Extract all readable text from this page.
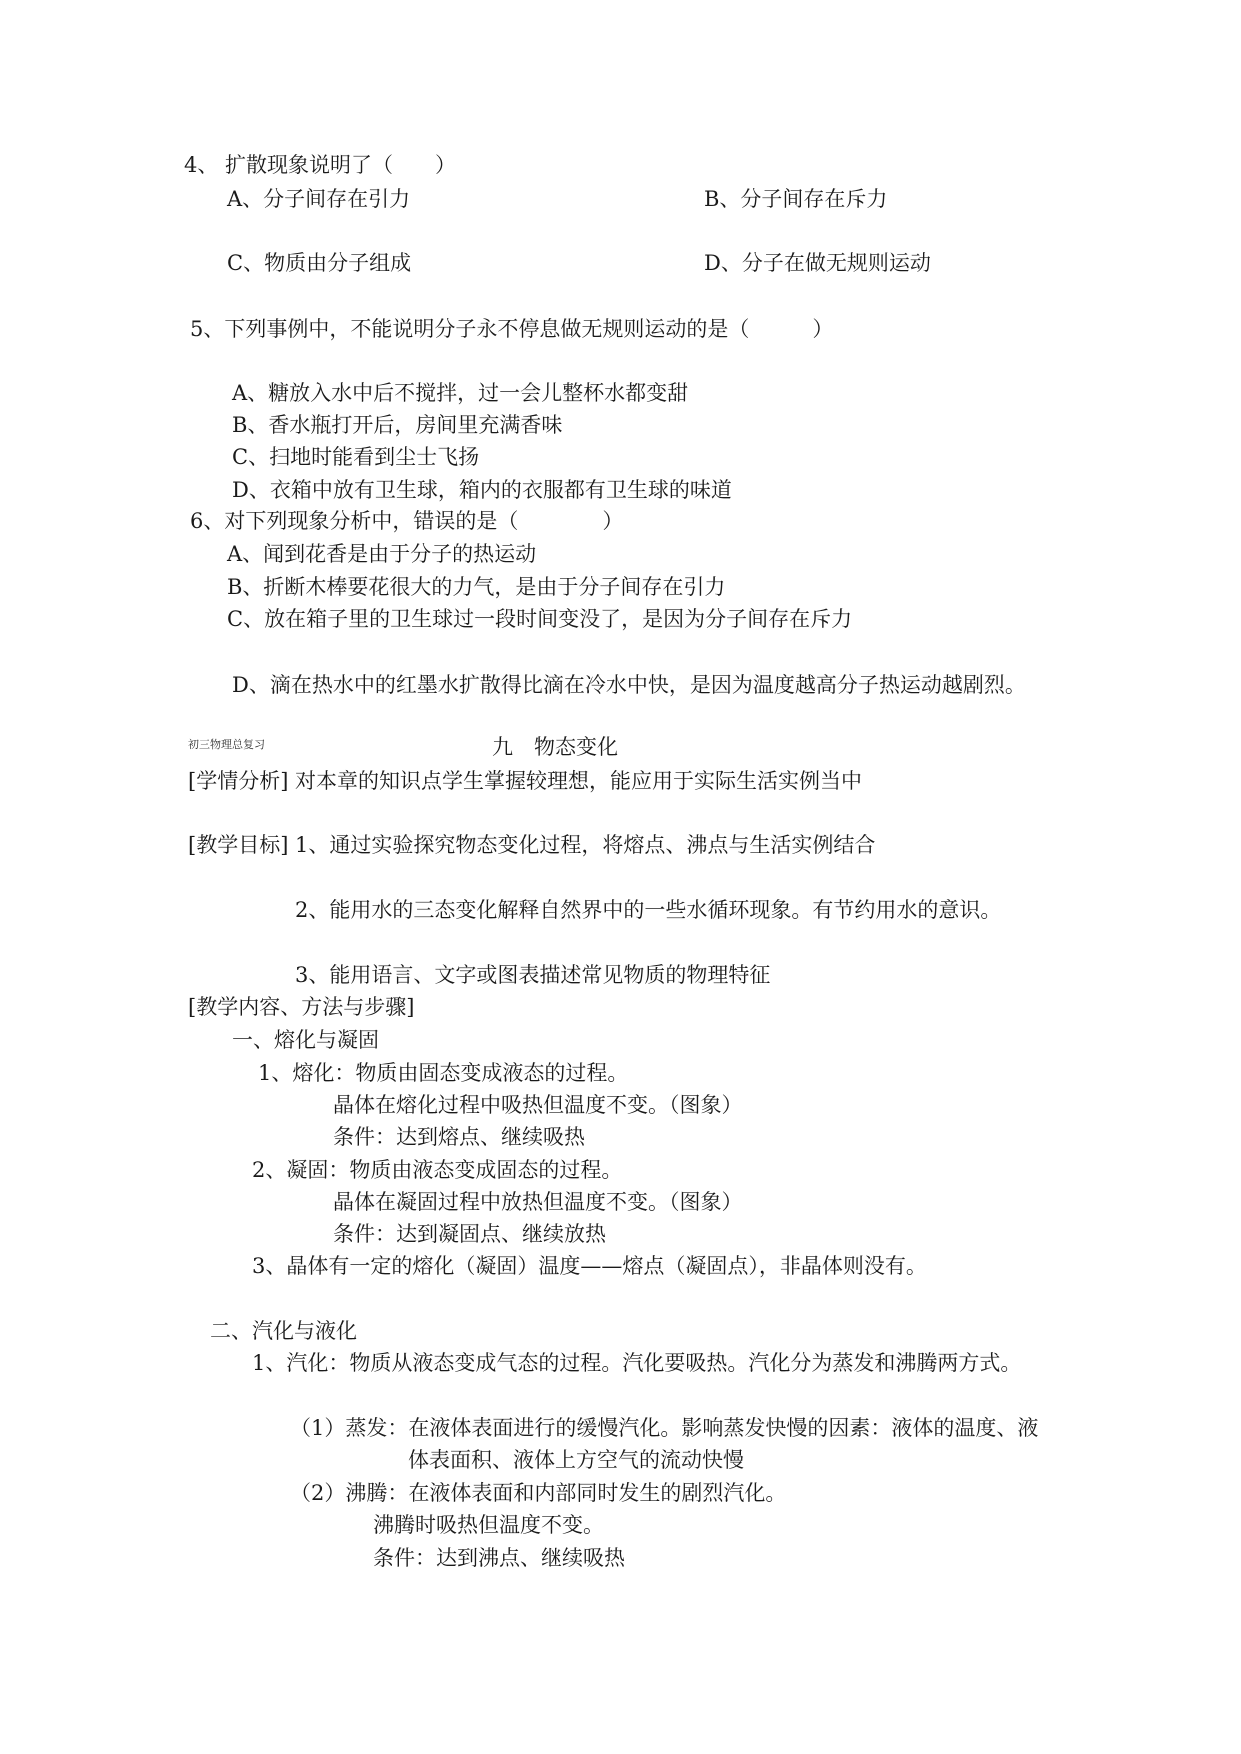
4、 扩散现象说明了（　　）
A、分子间存在引力	B、分子间存在斥力
C、物质由分子组成	D、分子在做无规则运动
5、下列事例中，不能说明分子永不停息做无规则运动的是（　　　）
A、糖放入水中后不搅拌，过一会儿整杯水都变甜
B、香水瓶打开后，房间里充满香味
C、扫地时能看到尘士飞扬
D、衣箱中放有卫生球，箱内的衣服都有卫生球的味道
6、对下列现象分析中，错误的是（　　　　）
A、闻到花香是由于分子的热运动
B、折断木棒要花很大的力气，是由于分子间存在引力
C、放在箱子里的卫生球过一段时间变没了，是因为分子间存在斥力
D、滴在热水中的红墨水扩散得比滴在冷水中快，是因为温度越高分子热运动越剧烈。
初三物理总复习	九　物态变化
[学情分析] 对本章的知识点学生掌握较理想，能应用于实际生活实例当中
[教学目标] 1、通过实验探究物态变化过程，将熔点、沸点与生活实例结合
2、能用水的三态变化解释自然界中的一些水循环现象。有节约用水的意识。
3、能用语言、文字或图表描述常见物质的物理特征
[教学内容、方法与步骤]
一、熔化与凝固
1、熔化：物质由固态变成液态的过程。
晶体在熔化过程中吸热但温度不变。（图象）
条件：达到熔点、继续吸热
2、凝固：物质由液态变成固态的过程。
晶体在凝固过程中放热但温度不变。（图象）
条件：达到凝固点、继续放热
3、晶体有一定的熔化（凝固）温度——熔点（凝固点），非晶体则没有。
二、汽化与液化
1、汽化：物质从液态变成气态的过程。汽化要吸热。汽化分为蒸发和沸腾两方式。
（1）蒸发：在液体表面进行的缓慢汽化。影响蒸发快慢的因素：液体的温度、液
体表面积、液体上方空气的流动快慢
（2）沸腾：在液体表面和内部同时发生的剧烈汽化。
沸腾时吸热但温度不变。
条件：达到沸点、继续吸热
